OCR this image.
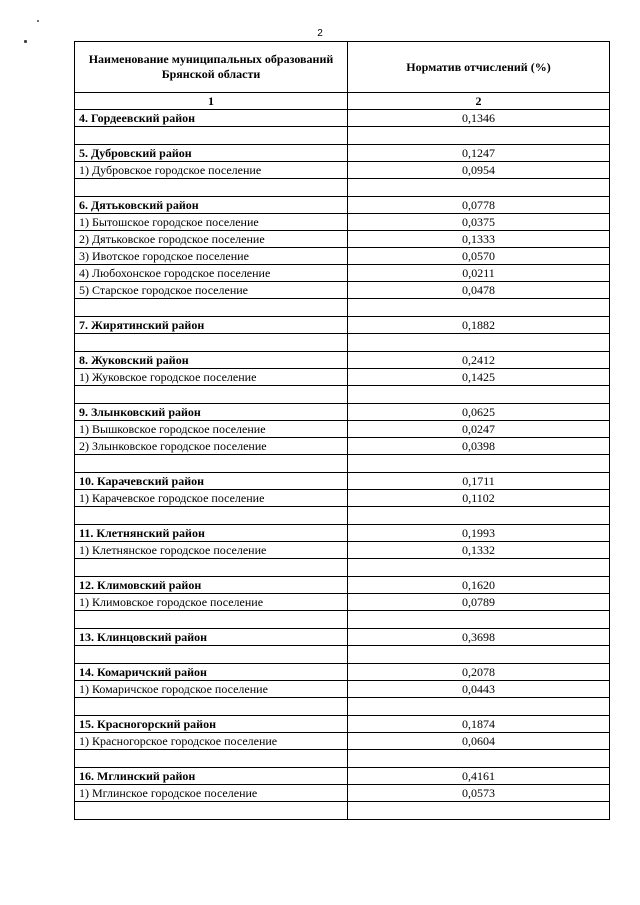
2
Наименование муниципальных образований Брянской области	Норматив отчислений (%)
1	2
4. Гордеевский район	0,1346

5. Дубровский район	0,1247
1) Дубровское городское поселение	0,0954

6. Дятьковский район	0,0778
1) Бытошское городское поселение	0,0375
2) Дятьковское городское поселение	0,1333
3) Ивотское городское поселение	0,0570
4) Любохонское городское поселение	0,0211
5) Старское городское поселение	0,0478

7. Жирятинский район	0,1882

8. Жуковский район	0,2412
1) Жуковское городское поселение	0,1425

9. Злынковский район	0,0625
1) Вышковское городское поселение	0,0247
2) Злынковское городское поселение	0,0398

10. Карачевский район	0,1711
1) Карачевское городское поселение	0,1102

11. Клетнянский район	0,1993
1) Клетнянское городское поселение	0,1332

12. Климовский район	0,1620
1) Климовское городское поселение	0,0789

13. Клинцовский район	0,3698

14. Комаричский район	0,2078
1) Комаричское городское поселение	0,0443

15. Красногорский район	0,1874
1) Красногорское городское поселение	0,0604

16. Мглинский район	0,4161
1) Мглинское городское поселение	0,0573
